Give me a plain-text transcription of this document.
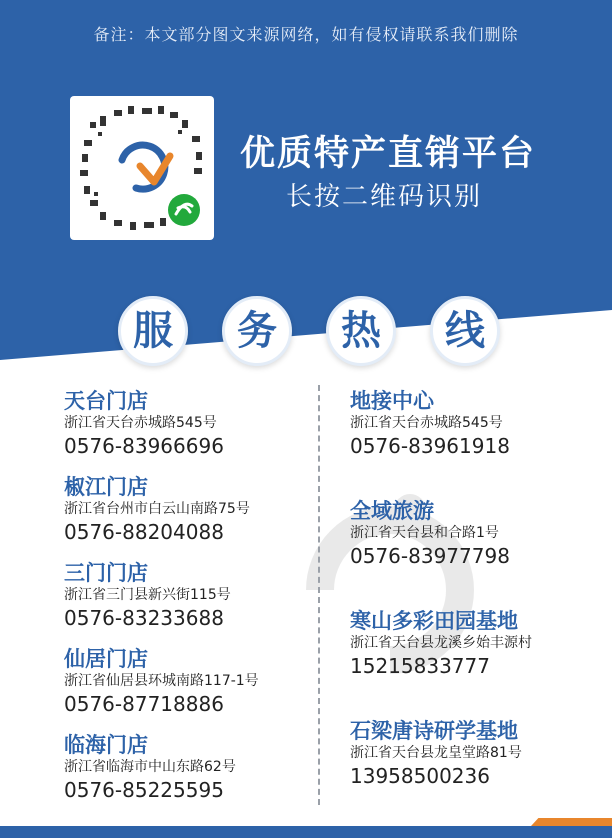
备注：本文部分图文来源网络，如有侵权请联系我们删除
优质特产直销平台
长按二维码识别
服	务	热	线
天台门店
浙江省天台赤城路545号
0576-83966696
椒江门店
浙江省台州市白云山南路75号
0576-88204088
三门门店
浙江省三门县新兴街115号
0576-83233688
仙居门店
浙江省仙居县环城南路117-1号
0576-87718886
临海门店
浙江省临海市中山东路62号
0576-85225595
地接中心
浙江省天台赤城路545号
0576-83961918
全域旅游
浙江省天台县和合路1号
0576-83977798
寒山多彩田园基地
浙江省天台县龙溪乡始丰源村
15215833777
石梁唐诗研学基地
浙江省天台县龙皇堂路81号
13958500236
